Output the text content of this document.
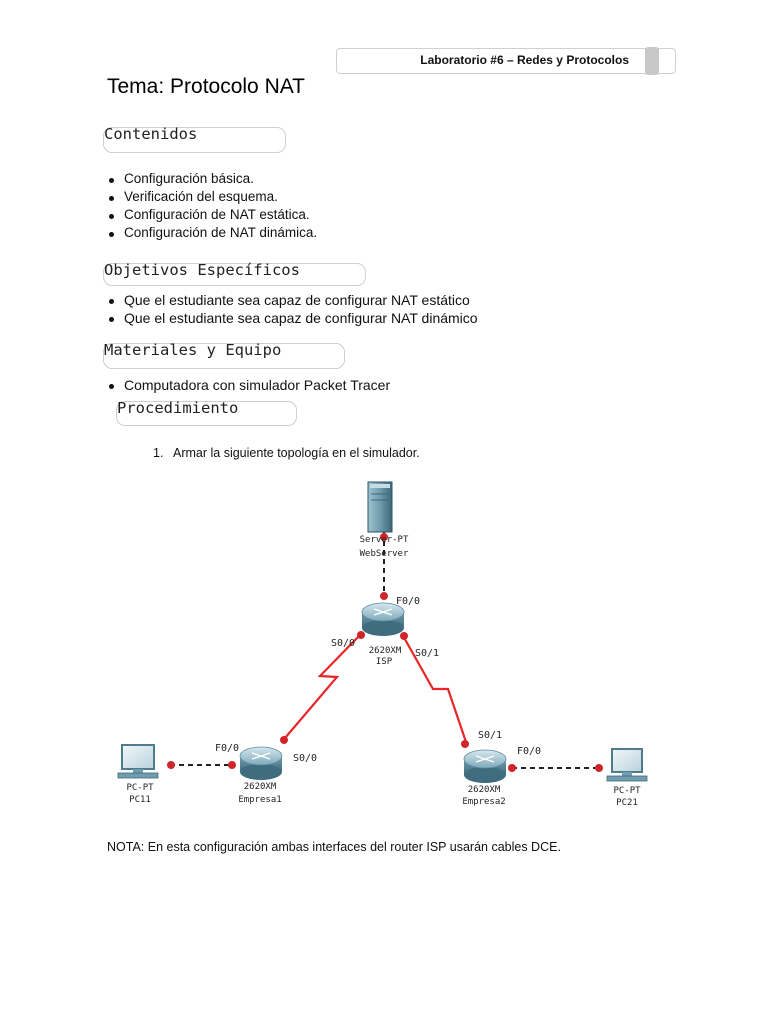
Laboratorio #6 – Redes y Protocolos
Tema: Protocolo NAT
Contenidos
Configuración básica.
Verificación del esquema.
Configuración de NAT estática.
Configuración de NAT dinámica.
Objetivos Específicos
Que el estudiante sea capaz de configurar NAT estático
Que el estudiante sea capaz de configurar NAT dinámico
Materiales y Equipo
Computadora con simulador Packet Tracer
Procedimiento
1. Armar la siguiente topología en el simulador.
Server-PT
WebServer
2620XM
ISP
2620XM
Empresa1
2620XM
Empresa2
PC-PT
PC11
PC-PT
PC21
F0/0
S0/0
S0/1
F0/0
S0/0
S0/1
F0/0
NOTA: En esta configuración ambas interfaces del router ISP usarán cables DCE.
